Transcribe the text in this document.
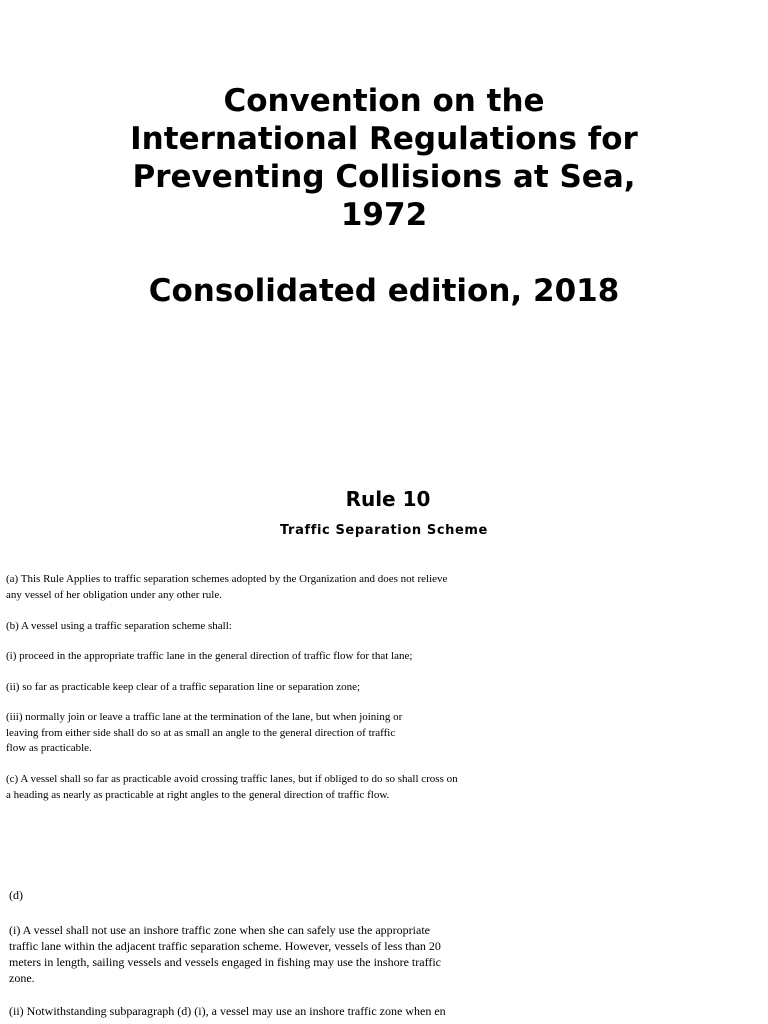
Convention on the
International Regulations for
Preventing Collisions at Sea,
1972
Consolidated edition, 2018
Rule 10
Traffic Separation Scheme

(a) This Rule Applies to traffic separation schemes adopted by the Organization and does not relieve
any vessel of her obligation under any other rule.

(b) A vessel using a traffic separation scheme shall:

(i) proceed in the appropriate traffic lane in the general direction of traffic flow for that lane;

(ii) so far as practicable keep clear of a traffic separation line or separation zone;

(iii) normally join or leave a traffic lane at the termination of the lane, but when joining or
leaving from either side shall do so at as small an angle to the general direction of traffic
flow as practicable.

(c) A vessel shall so far as practicable avoid crossing traffic lanes, but if obliged to do so shall cross on
a heading as nearly as practicable at right angles to the general direction of traffic flow.

(d)

(i) A vessel shall not use an inshore traffic zone when she can safely use the appropriate
traffic lane within the adjacent traffic separation scheme. However, vessels of less than 20
meters in length, sailing vessels and vessels engaged in fishing may use the inshore traffic
zone.

(ii) Notwithstanding subparagraph (d) (i), a vessel may use an inshore traffic zone when en
